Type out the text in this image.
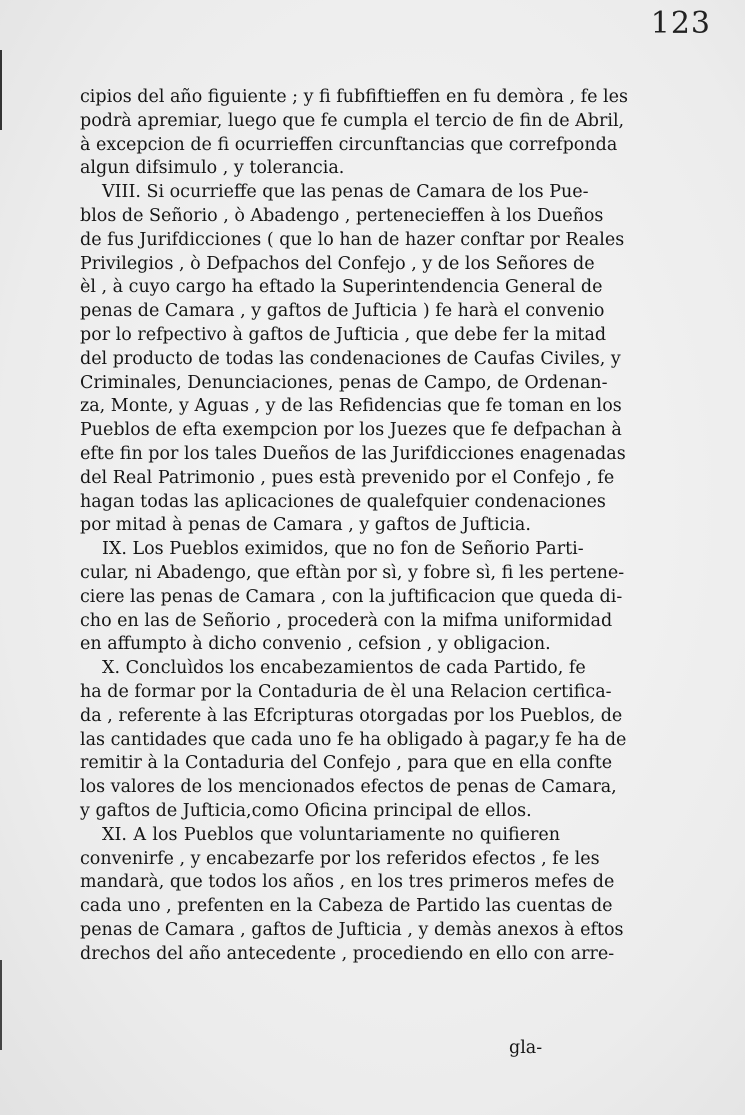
123
cipios del año figuiente ; y fi fubfiftieffen en fu demòra , fe les
podrà apremiar, luego que fe cumpla el tercio de fin de Abril,
à excepcion de fi ocurrieffen circunftancias que correfponda
algun difsimulo , y tolerancia.
VIII. Si ocurrieffe que las penas de Camara de los Pue-
blos de Señorio , ò Abadengo , pertenecieffen à los Dueños
de fus Jurifdicciones ( que lo han de hazer conftar por Reales
Privilegios , ò Defpachos del Confejo , y de los Señores de
èl , à cuyo cargo ha eftado la Superintendencia General de
penas de Camara , y gaftos de Jufticia ) fe harà el convenio
por lo refpectivo à gaftos de Jufticia , que debe fer la mitad
del producto de todas las condenaciones de Caufas Civiles, y
Criminales, Denunciaciones, penas de Campo, de Ordenan-
za, Monte, y Aguas , y de las Refidencias que fe toman en los
Pueblos de efta exempcion por los Juezes que fe defpachan à
efte fin por los tales Dueños de las Jurifdicciones enagenadas
del Real Patrimonio , pues està prevenido por el Confejo , fe
hagan todas las aplicaciones de qualefquier condenaciones
por mitad à penas de Camara , y gaftos de Jufticia.
IX. Los Pueblos eximidos, que no fon de Señorio Parti-
cular, ni Abadengo, que eftàn por sì, y fobre sì, fi les pertene-
ciere las penas de Camara , con la juftificacion que queda di-
cho en las de Señorio , procederà con la mifma uniformidad
en affumpto à dicho convenio , cefsion , y obligacion.
X. Concluìdos los encabezamientos de cada Partido, fe
ha de formar por la Contaduria de èl una Relacion certifica-
da , referente à las Efcripturas otorgadas por los Pueblos, de
las cantidades que cada uno fe ha obligado à pagar,y fe ha de
remitir à la Contaduria del Confejo , para que en ella confte
los valores de los mencionados efectos de penas de Camara,
y gaftos de Jufticia,como Oficina principal de ellos.
XI. A los Pueblos que voluntariamente no quifieren
convenirfe , y encabezarfe por los referidos efectos , fe les
mandarà, que todos los años , en los tres primeros mefes de
cada uno , prefenten en la Cabeza de Partido las cuentas de
penas de Camara , gaftos de Jufticia , y demàs anexos à eftos
drechos del año antecedente , procediendo en ello con arre-
gla-
